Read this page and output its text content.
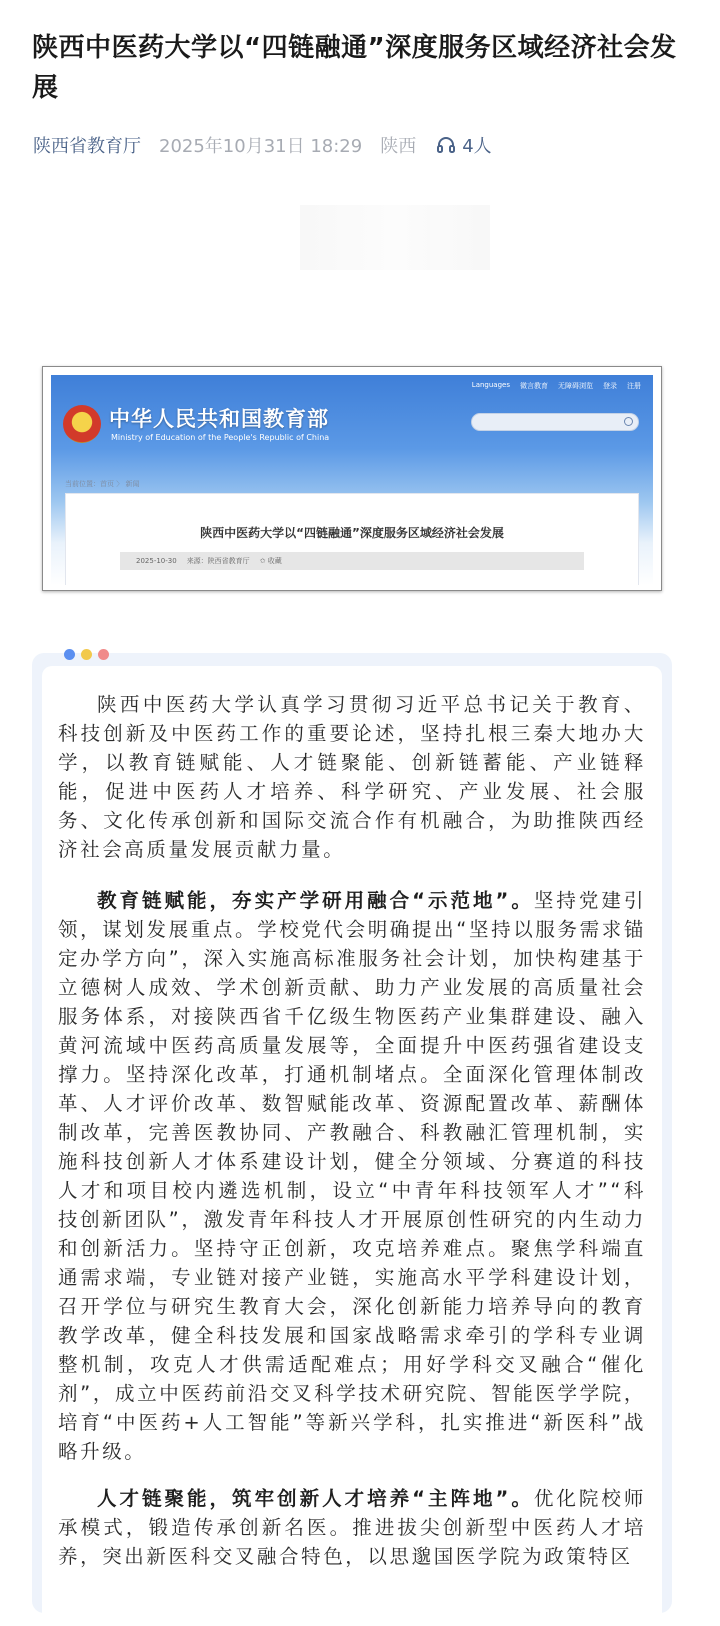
陕西中医药大学以“四链融通”深度服务区域经济社会发展
陕西省教育厅 2025年10月31日 18:29 陕西	4人
中华人民共和国教育部
Ministry of Education of the People's Republic of China
Languages 微言教育 无障碍浏览 登录 注册
当前位置：首页 〉 新闻
陕西中医药大学以“四链融通”深度服务区域经济社会发展
2025-10-30 来源：陕西省教育厅 ✩ 收藏

陕西中医药大学认真学习贯彻习近平总书记关于教育、科技创新及中医药工作的重要论述，坚持扎根三秦大地办大学，以教育链赋能、人才链聚能、创新链蓄能、产业链释能，促进中医药人才培养、科学研究、产业发展、社会服务、文化传承创新和国际交流合作有机融合，为助推陕西经济社会高质量发展贡献力量。

教育链赋能，夯实产学研用融合“示范地”。坚持党建引领，谋划发展重点。学校党代会明确提出“坚持以服务需求锚定办学方向”，深入实施高标准服务社会计划，加快构建基于立德树人成效、学术创新贡献、助力产业发展的高质量社会服务体系，对接陕西省千亿级生物医药产业集群建设、融入黄河流域中医药高质量发展等，全面提升中医药强省建设支撑力。坚持深化改革，打通机制堵点。全面深化管理体制改革、人才评价改革、数智赋能改革、资源配置改革、薪酬体制改革，完善医教协同、产教融合、科教融汇管理机制，实施科技创新人才体系建设计划，健全分领域、分赛道的科技人才和项目校内遴选机制，设立“中青年科技领军人才”“科技创新团队”，激发青年科技人才开展原创性研究的内生动力和创新活力。坚持守正创新，攻克培养难点。聚焦学科端直通需求端，专业链对接产业链，实施高水平学科建设计划，召开学位与研究生教育大会，深化创新能力培养导向的教育教学改革，健全科技发展和国家战略需求牵引的学科专业调整机制，攻克人才供需适配难点；用好学科交叉融合“催化剂”，成立中医药前沿交叉科学技术研究院、智能医学学院，培育“中医药+人工智能”等新兴学科，扎实推进“新医科”战略升级。

人才链聚能，筑牢创新人才培养“主阵地”。优化院校师承模式，锻造传承创新名医。推进拔尖创新型中医药人才培养，突出新医科交叉融合特色，以思邈国医学院为政策特区
